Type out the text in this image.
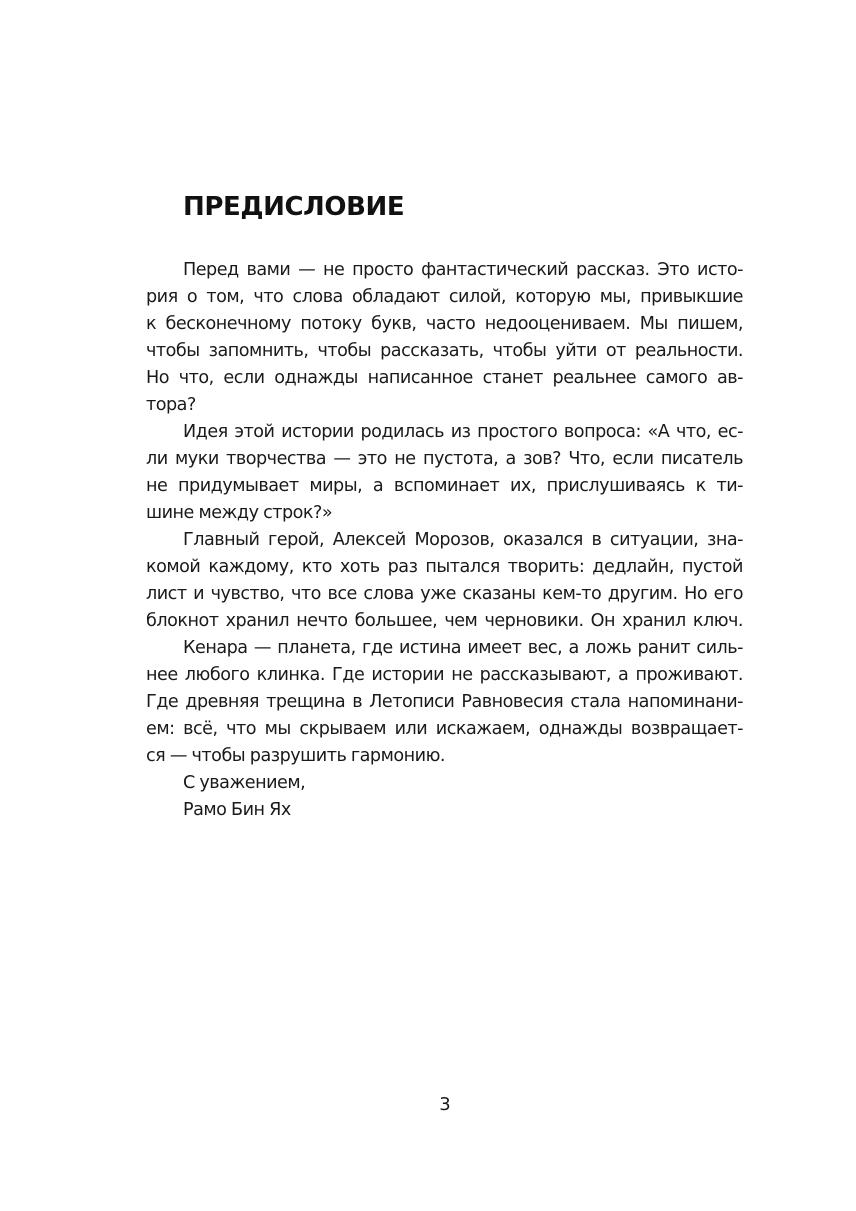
ПРЕДИСЛОВИЕ
Перед вами — не просто фантастический рассказ. Это исто-
рия о том, что слова обладают силой, которую мы, привыкшие
к бесконечному потоку букв, часто недооцениваем. Мы пишем,
чтобы запомнить, чтобы рассказать, чтобы уйти от реальности.
Но что, если однажды написанное станет реальнее самого ав-
тора?
Идея этой истории родилась из простого вопроса: «А что, ес-
ли муки творчества — это не пустота, а зов? Что, если писатель
не придумывает миры, а вспоминает их, прислушиваясь к ти-
шине между строк?»
Главный герой, Алексей Морозов, оказался в ситуации, зна-
комой каждому, кто хоть раз пытался творить: дедлайн, пустой
лист и чувство, что все слова уже сказаны кем-то другим. Но его
блокнот хранил нечто большее, чем черновики. Он хранил ключ.
Кенара — планета, где истина имеет вес, а ложь ранит силь-
нее любого клинка. Где истории не рассказывают, а проживают.
Где древняя трещина в Летописи Равновесия стала напоминани-
ем: всё, что мы скрываем или искажаем, однажды возвращает-
ся — чтобы разрушить гармонию.
С уважением,
Рамо Бин Ях
3
